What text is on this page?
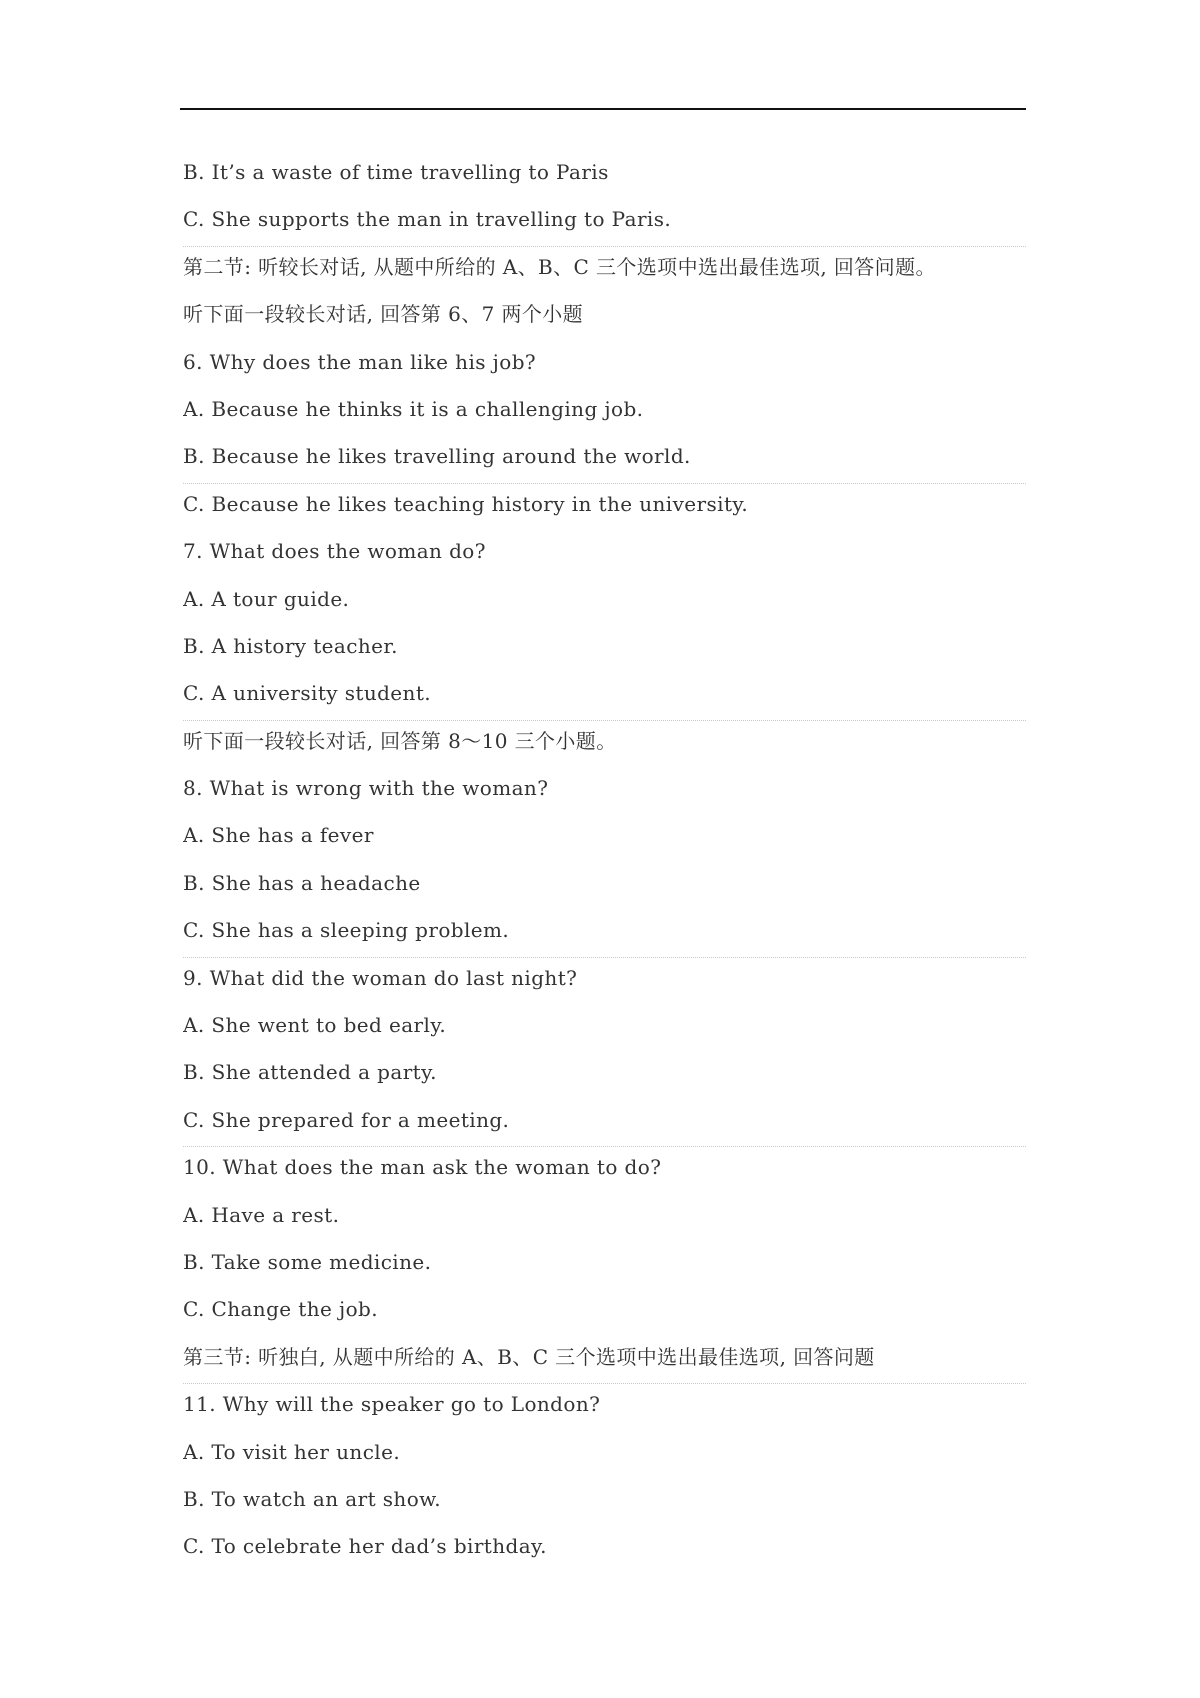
B. It’s a waste of time travelling to Paris
C. She supports the man in travelling to Paris.
第二节: 听较长对话, 从题中所给的 A、B、C 三个选项中选出最佳选项, 回答问题。
听下面一段较长对话, 回答第 6、7 两个小题
6. Why does the man like his job?
A. Because he thinks it is a challenging job.
B. Because he likes travelling around the world.
C. Because he likes teaching history in the university.
7. What does the woman do?
A. A tour guide.
B. A history teacher.
C. A university student.
听下面一段较长对话, 回答第 8～10 三个小题。
8. What is wrong with the woman?
A. She has a fever
B. She has a headache
C. She has a sleeping problem.
9. What did the woman do last night?
A. She went to bed early.
B. She attended a party.
C. She prepared for a meeting.
10. What does the man ask the woman to do?
A. Have a rest.
B. Take some medicine.
C. Change the job.
第三节: 听独白, 从题中所给的 A、B、C 三个选项中选出最佳选项, 回答问题
11. Why will the speaker go to London?
A. To visit her uncle.
B. To watch an art show.
C. To celebrate her dad’s birthday.
